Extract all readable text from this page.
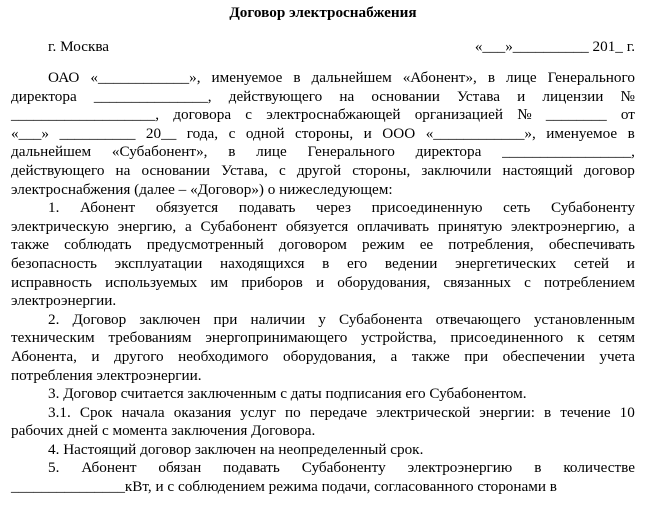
Договор электроснабжения
г. Москва	«___»__________ 201_ г.
ОАО «____________», именуемое в дальнейшем «Абонент», в лице Генерального
директора _______________, действующего на основании Устава и лицензии №
___________________, договора с электроснабжающей организацией № ________ от
«___» __________ 20__ года, с одной стороны, и ООО «____________», именуемое в
дальнейшем «Субабонент», в лице Генерального директора _________________,
действующего на основании Устава, с другой стороны, заключили настоящий договор
электроснабжения (далее – «Договор») о нижеследующем:
1. Абонент обязуется подавать через присоединенную сеть Субабоненту
электрическую энергию, а Субабонент обязуется оплачивать принятую электроэнергию, а
также соблюдать предусмотренный договором режим ее потребления, обеспечивать
безопасность эксплуатации находящихся в его ведении энергетических сетей и
исправность используемых им приборов и оборудования, связанных с потреблением
электроэнергии.
2. Договор заключен при наличии у Субабонента отвечающего установленным
техническим требованиям энергопринимающего устройства, присоединенного к сетям
Абонента, и другого необходимого оборудования, а также при обеспечении учета
потребления электроэнергии.
3. Договор считается заключенным с даты подписания его Субабонентом.
3.1. Срок начала оказания услуг по передаче электрической энергии: в течение 10
рабочих дней с момента заключения Договора.
4. Настоящий договор заключен на неопределенный срок.
5. Абонент обязан подавать Субабоненту электроэнергию в количестве
_______________кВт, и с соблюдением режима подачи, согласованного сторонами в
